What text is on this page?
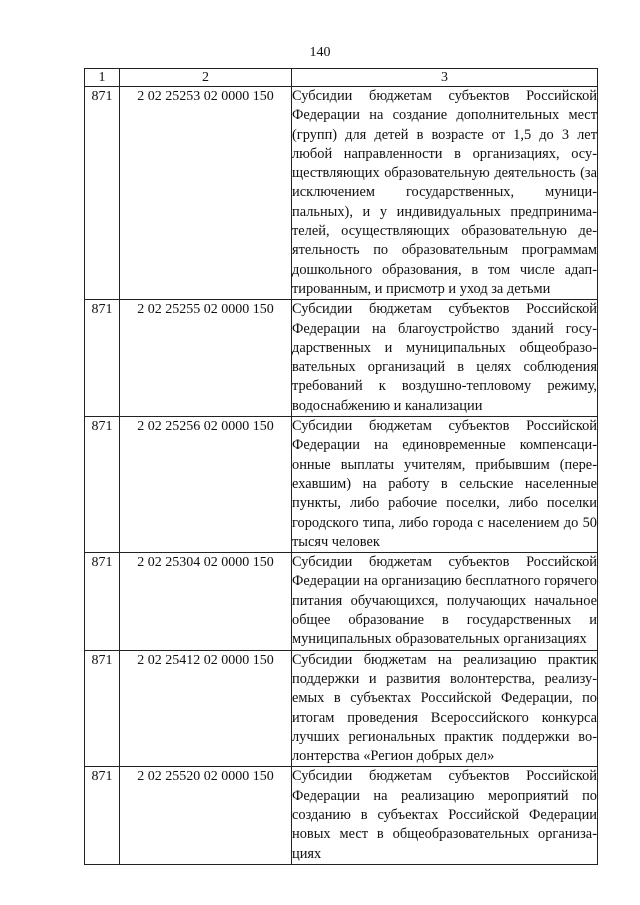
140
1	2	3
871	2 02 25253 02 0000 150	Субсидии бюджетам субъектов Российской Федерации на создание дополнительных мест (групп) для детей в возрасте от 1,5 до 3 лет любой направленности в организациях, осуществляющих образовательную деятельность (за исключением государственных, муниципальных), и у индивидуальных предпринимателей, осуществляющих образовательную деятельность по образовательным программам дошкольного образования, в том числе адаптированным, и присмотр и уход за детьми
871	2 02 25255 02 0000 150	Субсидии бюджетам субъектов Российской Федерации на благоустройство зданий государственных и муниципальных общеобразовательных организаций в целях соблюдения требований к воздушно-тепловому режиму, водоснабжению и канализации
871	2 02 25256 02 0000 150	Субсидии бюджетам субъектов Российской Федерации на единовременные компенсационные выплаты учителям, прибывшим (переехавшим) на работу в сельские населенные пункты, либо рабочие поселки, либо поселки городского типа, либо города с населением до 50 тысяч человек
871	2 02 25304 02 0000 150	Субсидии бюджетам субъектов Российской Федерации на организацию бесплатного горячего питания обучающихся, получающих начальное общее образование в государственных и муниципальных образовательных организациях
871	2 02 25412 02 0000 150	Субсидии бюджетам на реализацию практик поддержки и развития волонтерства, реализуемых в субъектах Российской Федерации, по итогам проведения Всероссийского конкурса лучших региональных практик поддержки волонтерства «Регион добрых дел»
871	2 02 25520 02 0000 150	Субсидии бюджетам субъектов Российской Федерации на реализацию мероприятий по созданию в субъектах Российской Федерации новых мест в общеобразовательных организациях
